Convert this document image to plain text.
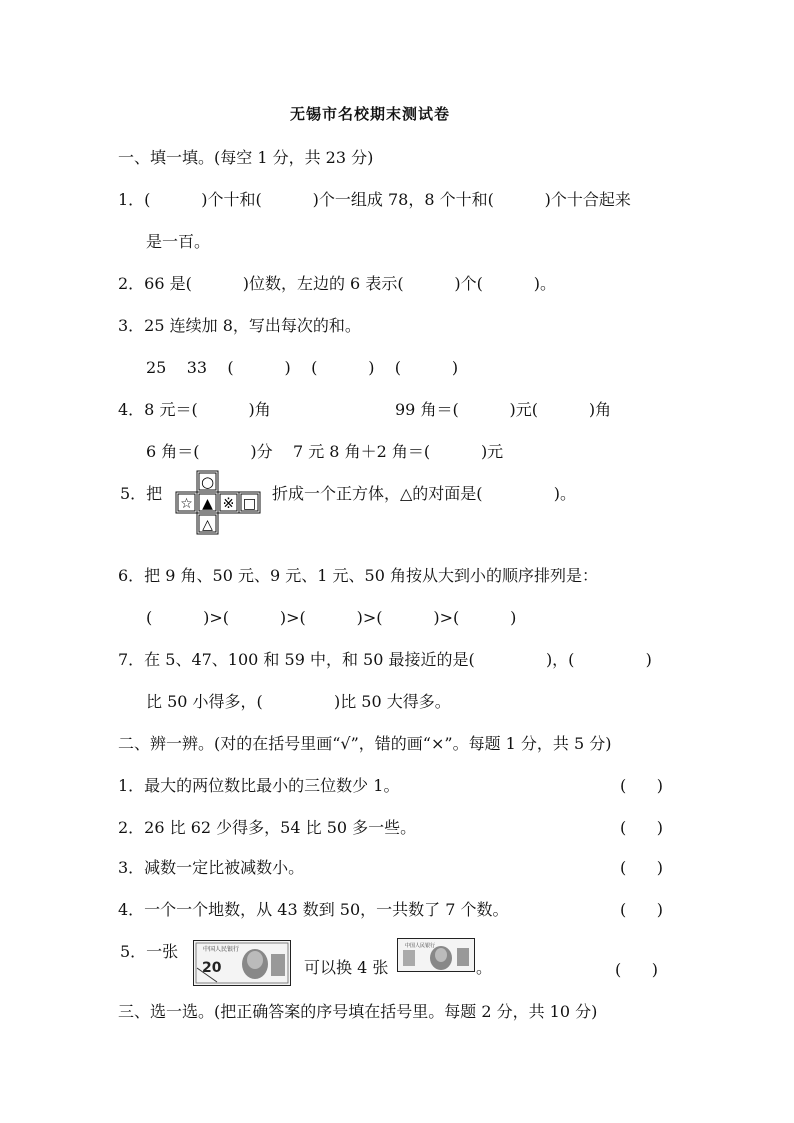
无锡市名校期末测试卷
一、填一填。(每空 1 分，共 23 分)
1．(          )个十和(          )个一组成 78，8 个十和(          )个十合起来
是一百。
2．66 是(          )位数，左边的 6 表示(          )个(          )。
3．25 连续加 8，写出每次的和。
25    33    (          )    (          )    (          )
4．8 元＝(          )角	99 角＝(          )元(          )角
6 角＝(          )分    7 元 8 角＋2 角＝(          )元
5．把
○
☆ ▲ ※ □
△
折成一个正方体，△的对面是(              )。
6．把 9 角、50 元、9 元、1 元、50 角按从大到小的顺序排列是：
(          )>(          )>(          )>(          )>(          )
7．在 5、47、100 和 59 中，和 50 最接近的是(              )，(              )
比 50 小得多，(              )比 50 大得多。
二、辨一辨。(对的在括号里画“√”，错的画“×”。每题 1 分，共 5 分)
1．最大的两位数比最小的三位数少 1。	(      )
2．26 比 62 少得多，54 比 50 多一些。	(      )
3．减数一定比被减数小。	(      )
4．一个一个地数，从 43 数到 50，一共数了 7 个数。	(      )
5．一张	中国人民银行
20	可以换 4 张
中国人民银行
。	(      )
三、选一选。(把正确答案的序号填在括号里。每题 2 分，共 10 分)
